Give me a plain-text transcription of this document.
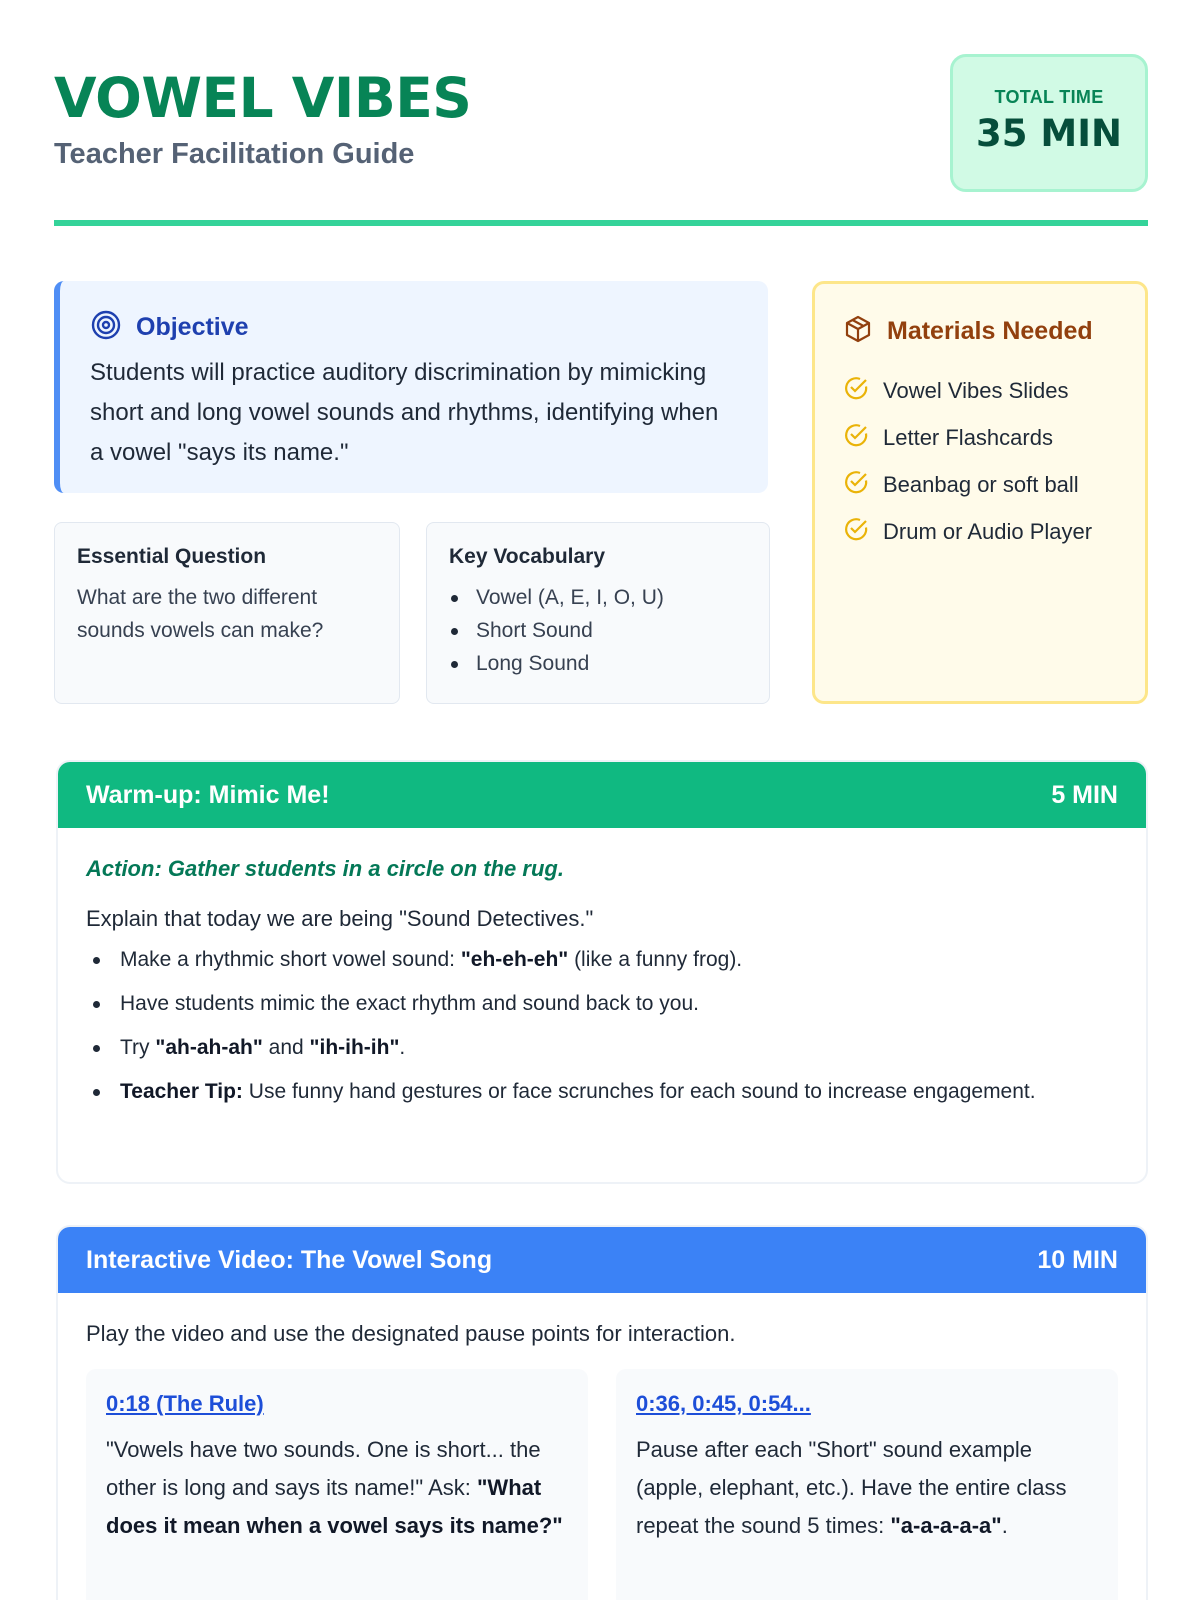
VOWEL VIBES
Teacher Facilitation Guide
TOTAL TIME
35 MIN
Objective
Students will practice auditory discrimination by mimicking short and long vowel sounds and rhythms, identifying when a vowel "says its name."
Essential Question

What are the two different sounds vowels can make?

Key Vocabulary
Vowel (A, E, I, O, U)
Short Sound
Long Sound
Materials Needed
Vowel Vibes Slides
Letter Flashcards
Beanbag or soft ball
Drum or Audio Player
Warm-up: Mimic Me!	5 MIN
Action: Gather students in a circle on the rug.
Explain that today we are being "Sound Detectives."
Make a rhythmic short vowel sound: "eh-eh-eh" (like a funny frog).
Have students mimic the exact rhythm and sound back to you.
Try "ah-ah-ah" and "ih-ih-ih".
Teacher Tip: Use funny hand gestures or face scrunches for each sound to increase engagement.
Interactive Video: The Vowel Song	10 MIN
Play the video and use the designated pause points for interaction.
0:18 (The Rule)
"Vowels have two sounds. One is short... the other is long and says its name!" Ask: "What does it mean when a vowel says its name?"
0:36, 0:45, 0:54...
Pause after each "Short" sound example (apple, elephant, etc.). Have the entire class repeat the sound 5 times: "a-a-a-a-a".
